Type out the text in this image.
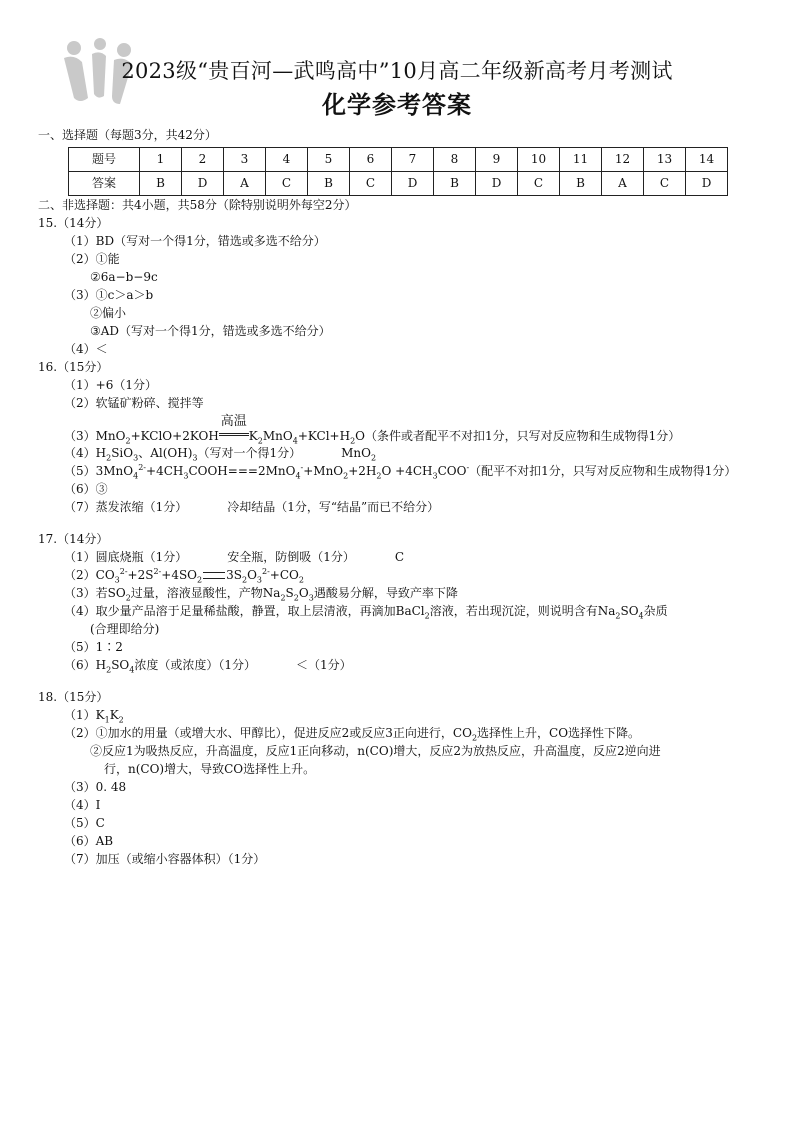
2023级“贵百河—武鸣高中”10月高二年级新高考月考测试
化学参考答案
一、选择题（每题3分，共42分）
题号	1	2	3	4	5	6	7	8	9	10	11	12	13	14
答案	B	D	A	C	B	C	D	B	D	C	B	A	C	D
二、非选择题：共4小题，共58分（除特别说明外每空2分）
15.（14分）
（1）BD（写对一个得1分，错选或多选不给分）
（2）①能
②6a−b−9c
（3）①c＞a＞b
②偏小
③AD（写对一个得1分，错选或多选不给分）
（4）＜
16.（15分）
（1）+6（1分）
（2）软锰矿粉碎、搅拌等
（3）MnO$_2$+KClO+2KOH
高温
$K_2MnO_4+KCl+H_2O$（条件或者配平不对扣1分，只写对反应物和生成物得1分）
$(4)H_2SiO_3$、$Al(OH)_3$（写对一个得1分）	MnO$_2$
$(5)3MnO_4^{2-}+4CH_3COOH===2MnO_4^-+MnO_2+2H_2O +4CH_3COO^-$（配平不对扣1分，只写对反应物和生成物得1分）
（6）③
（7）蒸发浓缩（1分）	冷却结晶（1分，写“结晶”而已不给分）
17.（14分）
（1）圆底烧瓶（1分）	安全瓶，防倒吸（1分）	C
$(2)CO_3^{2-}+2S^{2-}+4SO_2$ $3S_2O_3^{2-}+CO_2$
（3）若$SO_2$过量，溶液显酸性，产物$Na_2S_2O_3$遇酸易分解，导致产率下降
（4）取少量产品溶于足量稀盐酸，静置，取上层清液，再滴加BaCl$_2$溶液，若出现沉淀，则说明含有$Na_2SO_4$杂质
(合理即给分)
（5）1∶2
$(6)H_2SO_4$浓度（或浓度）（1分）	＜（1分）
18.（15分）
$(1)K_1K_2$
（2）①加水的用量（或增大水、甲醇比），促进反应2或反应3正向进行，$CO_2$选择性上升，CO选择性下降。
②反应1为吸热反应，升高温度，反应1正向移动，n(CO)增大，反应2为放热反应，升高温度，反应2逆向进
行，n(CO)增大，导致CO选择性上升。
（3）0. 48
（4）I
（5）C
（6）AB
（7）加压（或缩小容器体积）（1分）
